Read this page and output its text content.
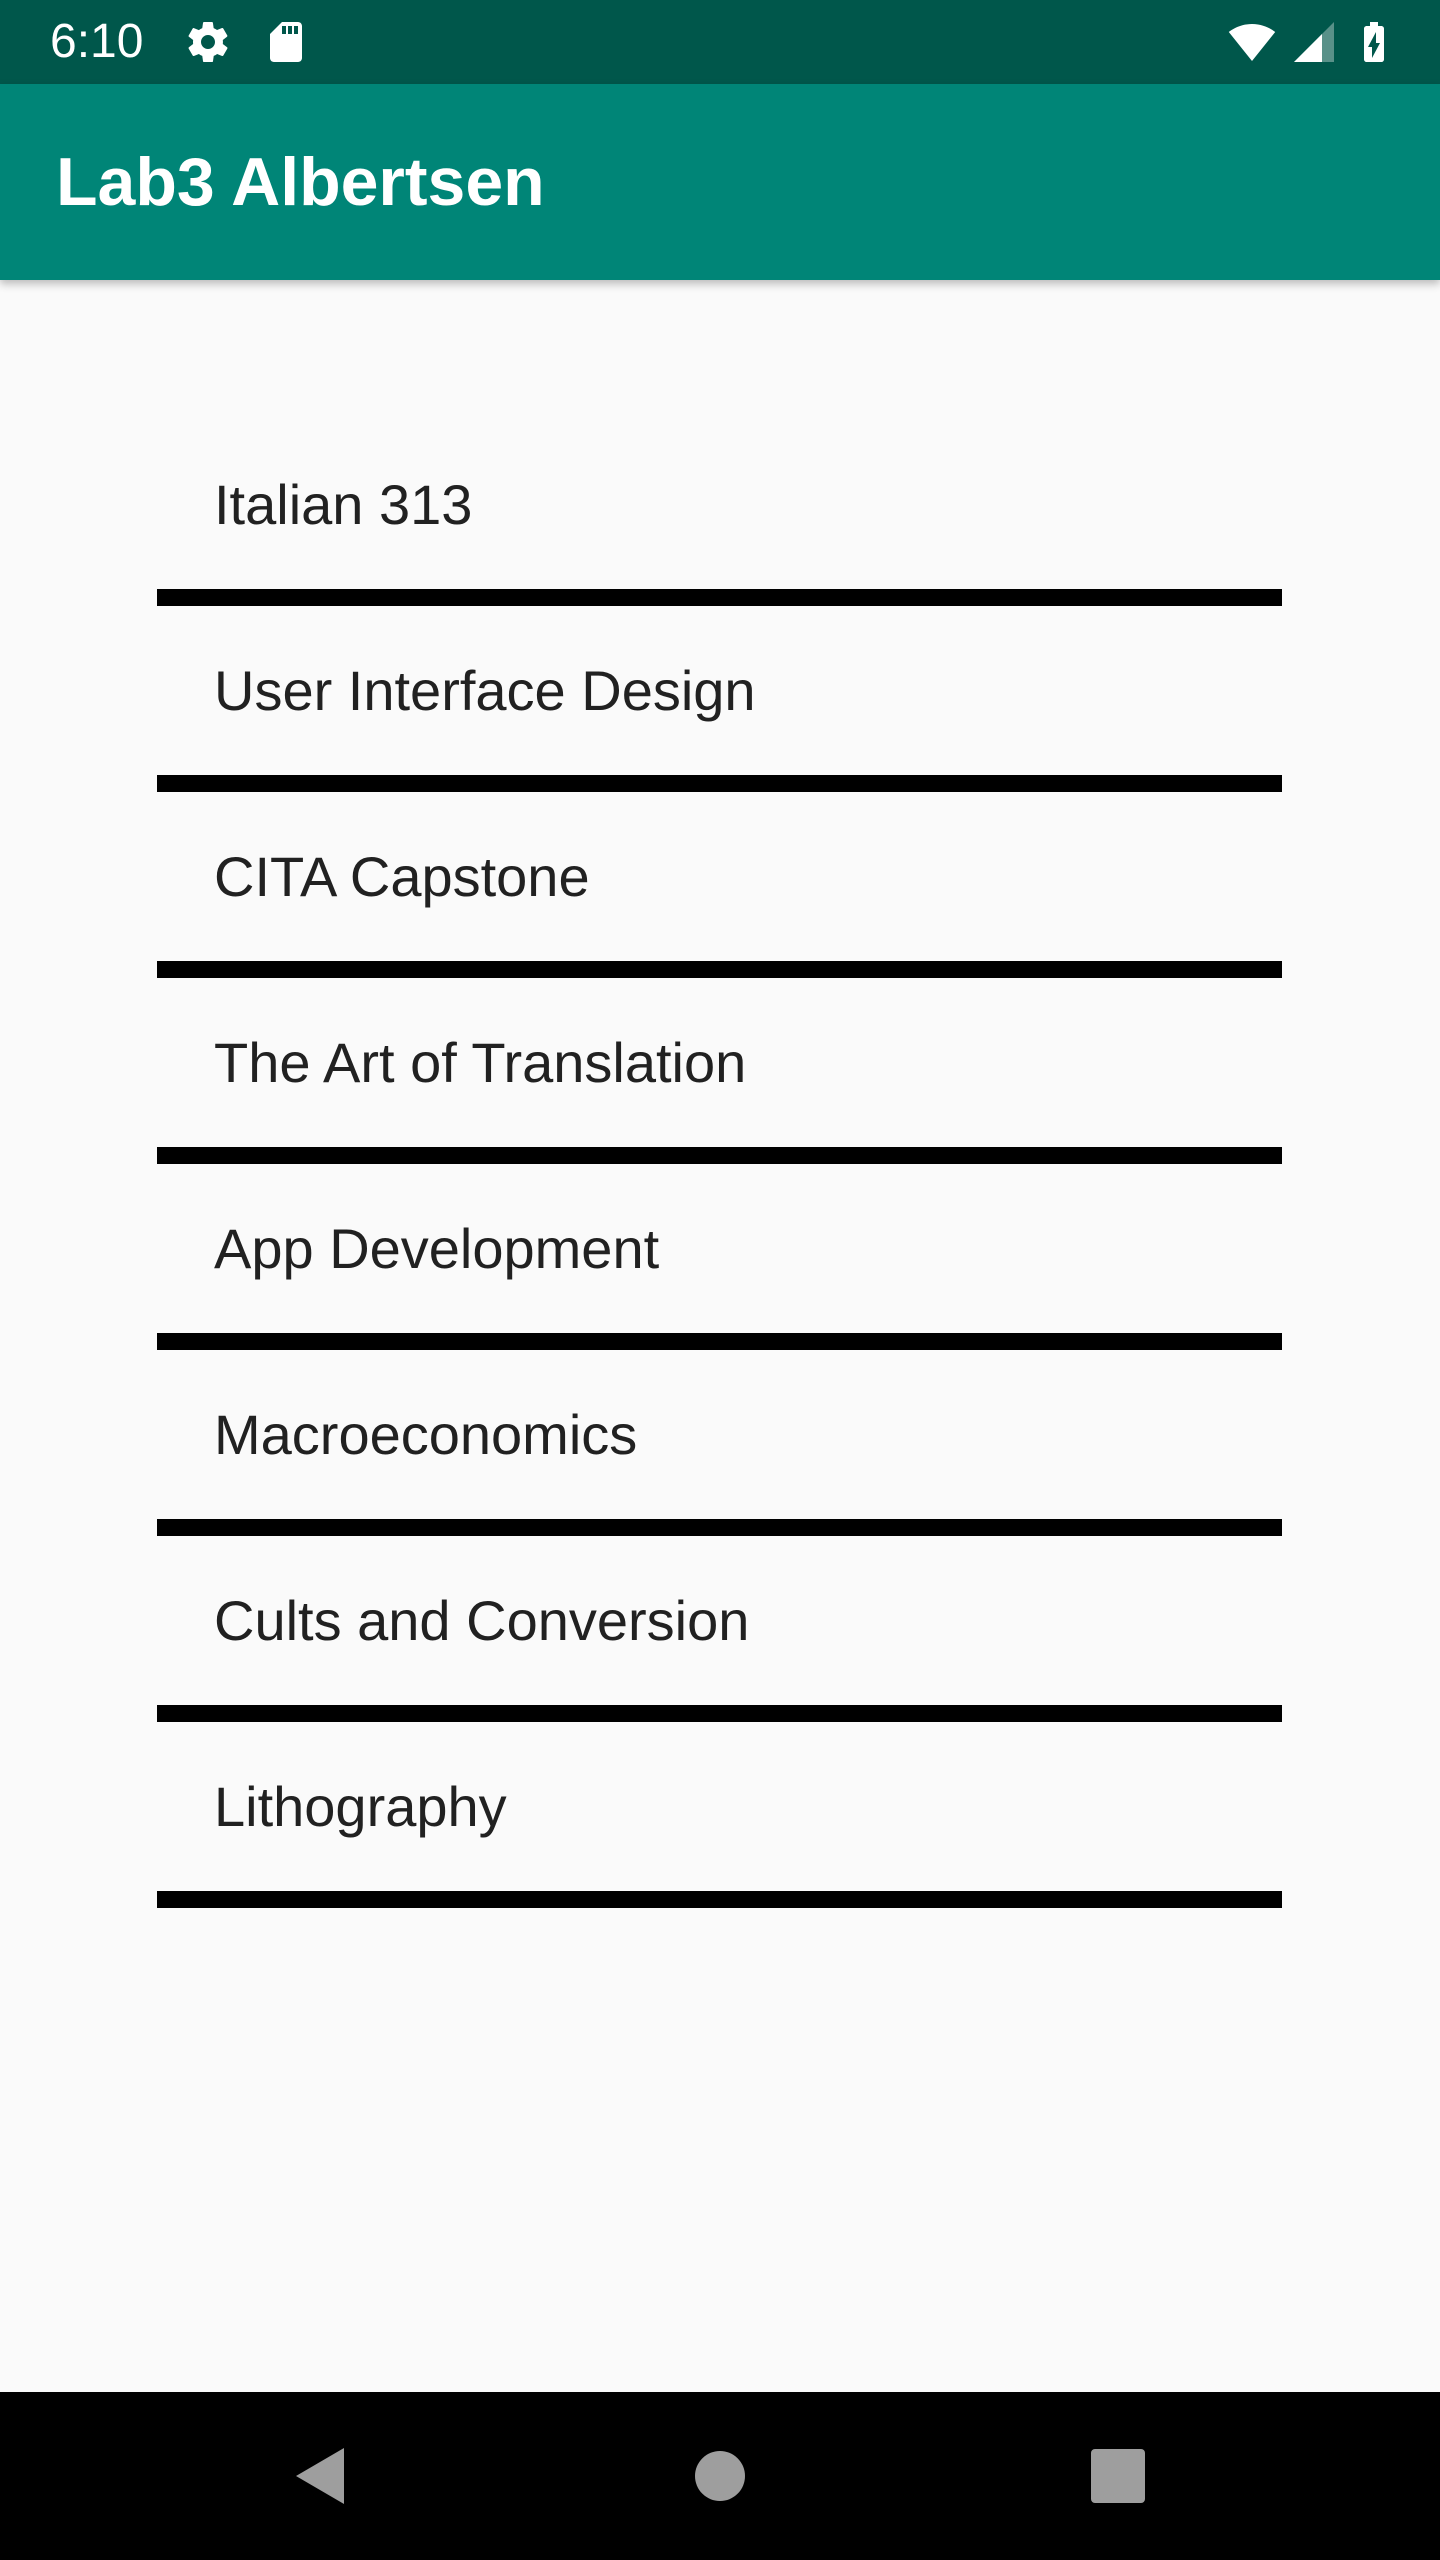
6:10
Lab3 Albertsen
Italian 313
User Interface Design
CITA Capstone
The Art of Translation
App Development
Macroeconomics
Cults and Conversion
Lithography
